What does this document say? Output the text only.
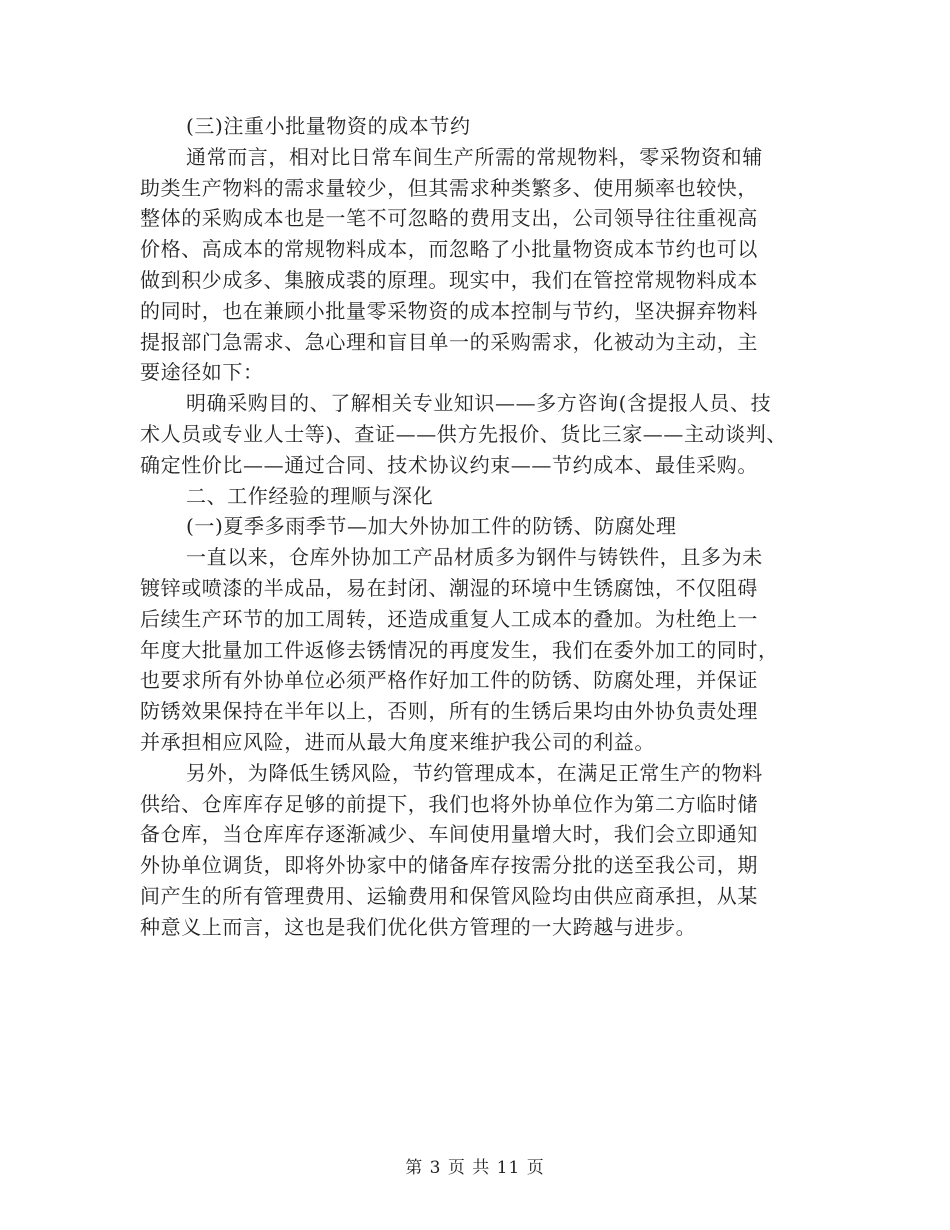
(三)注重小批量物资的成本节约
通常而言，相对比日常车间生产所需的常规物料，零采物资和辅
助类生产物料的需求量较少，但其需求种类繁多、使用频率也较快，
整体的采购成本也是一笔不可忽略的费用支出，公司领导往往重视高
价格、高成本的常规物料成本，而忽略了小批量物资成本节约也可以
做到积少成多、集腋成裘的原理。现实中，我们在管控常规物料成本
的同时，也在兼顾小批量零采物资的成本控制与节约，坚决摒弃物料
提报部门急需求、急心理和盲目单一的采购需求，化被动为主动，主
要途径如下：
明确采购目的、了解相关专业知识——多方咨询(含提报人员、技
术人员或专业人士等)、查证——供方先报价、货比三家——主动谈判、
确定性价比——通过合同、技术协议约束——节约成本、最佳采购。
二、工作经验的理顺与深化
(一)夏季多雨季节—加大外协加工件的防锈、防腐处理
一直以来，仓库外协加工产品材质多为钢件与铸铁件，且多为未
镀锌或喷漆的半成品，易在封闭、潮湿的环境中生锈腐蚀，不仅阻碍
后续生产环节的加工周转，还造成重复人工成本的叠加。为杜绝上一
年度大批量加工件返修去锈情况的再度发生，我们在委外加工的同时，
也要求所有外协单位必须严格作好加工件的防锈、防腐处理，并保证
防锈效果保持在半年以上，否则，所有的生锈后果均由外协负责处理
并承担相应风险，进而从最大角度来维护我公司的利益。
另外，为降低生锈风险，节约管理成本，在满足正常生产的物料
供给、仓库库存足够的前提下，我们也将外协单位作为第二方临时储
备仓库，当仓库库存逐渐减少、车间使用量增大时，我们会立即通知
外协单位调货，即将外协家中的储备库存按需分批的送至我公司，期
间产生的所有管理费用、运输费用和保管风险均由供应商承担，从某
种意义上而言，这也是我们优化供方管理的一大跨越与进步。
第 3 页 共 11 页
